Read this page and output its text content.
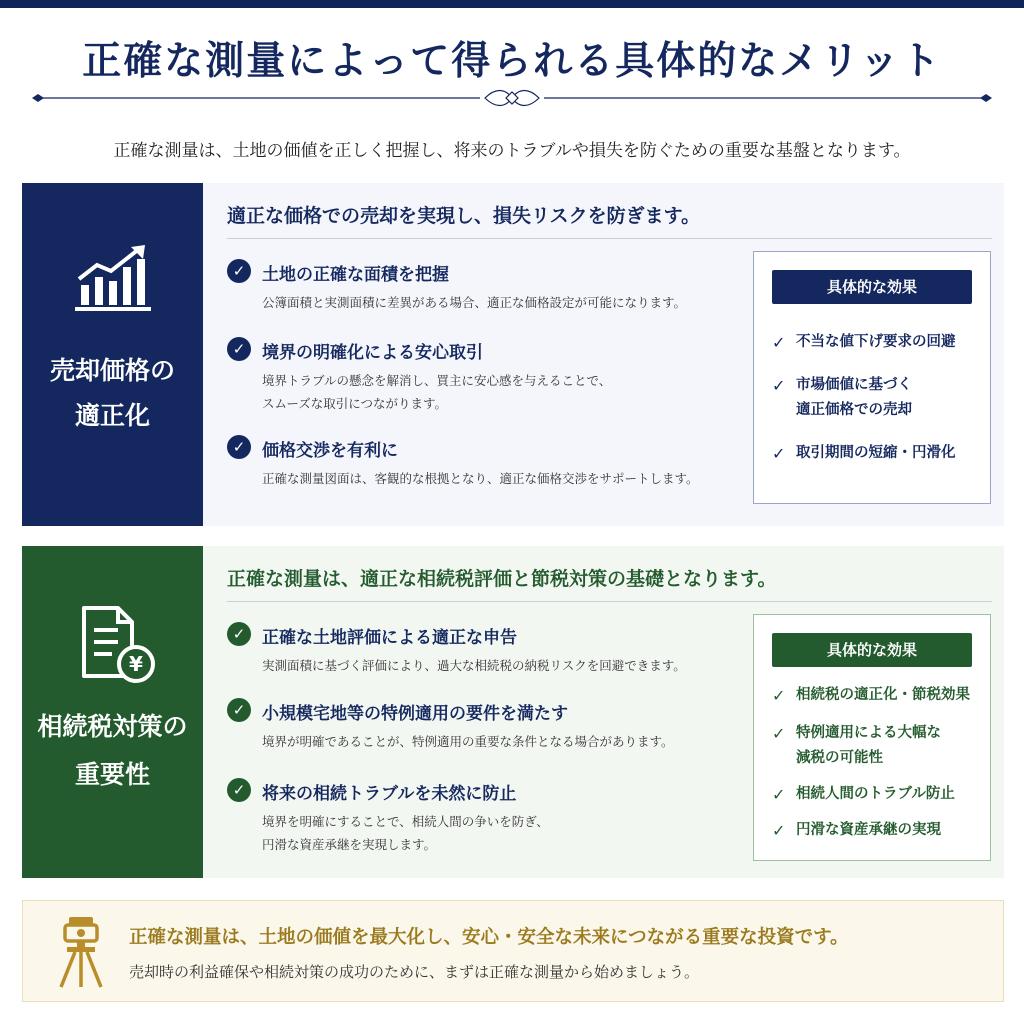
正確な測量によって得られる具体的なメリット

正確な測量は、土地の価値を正しく把握し、将来のトラブルや損失を防ぐための重要な基盤となります。

売却価格の
適正化
適正な価格での売却を実現し、損失リスクを防ぎます。
✓ 土地の正確な面積を把握
公簿面積と実測面積に差異がある場合、適正な価格設定が可能になります。
✓ 境界の明確化による安心取引
境界トラブルの懸念を解消し、買主に安心感を与えることで、
スムーズな取引につながります。
✓ 価格交渉を有利に
正確な測量図面は、客観的な根拠となり、適正な価格交渉をサポートします。
具体的な効果
✓ 不当な値下げ要求の回避
✓ 市場価値に基づく
適正価格での売却
✓ 取引期間の短縮・円滑化
¥
相続税対策の
重要性
正確な測量は、適正な相続税評価と節税対策の基礎となります。
✓ 正確な土地評価による適正な申告
実測面積に基づく評価により、過大な相続税の納税リスクを回避できます。
✓ 小規模宅地等の特例適用の要件を満たす
境界が明確であることが、特例適用の重要な条件となる場合があります。
✓ 将来の相続トラブルを未然に防止
境界を明確にすることで、相続人間の争いを防ぎ、
円滑な資産承継を実現します。
具体的な効果
✓ 相続税の適正化・節税効果
✓ 特例適用による大幅な
減税の可能性
✓ 相続人間のトラブル防止
✓ 円滑な資産承継の実現

正確な測量は、土地の価値を最大化し、安心・安全な未来につながる重要な投資です。

売却時の利益確保や相続対策の成功のために、まずは正確な測量から始めましょう。
